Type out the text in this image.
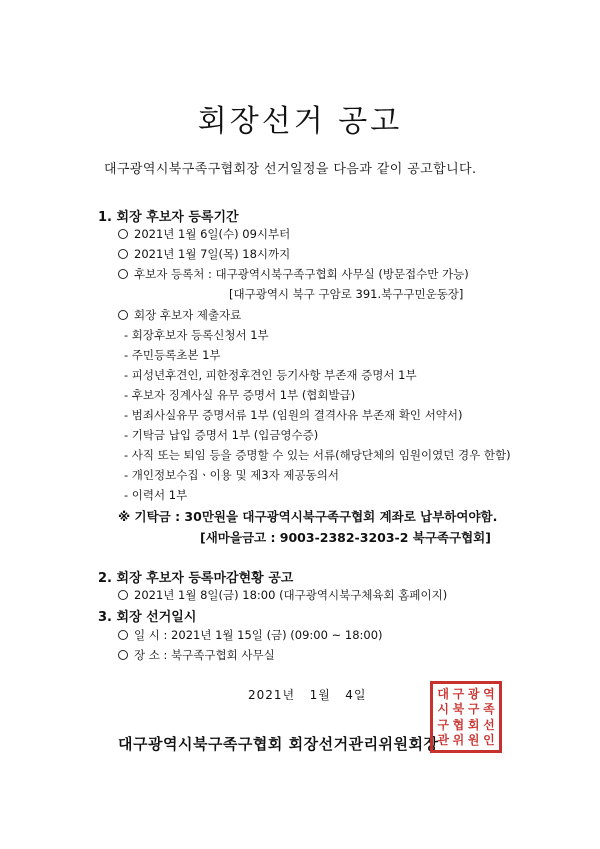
회장선거 공고
대구광역시북구족구협회장 선거일정을 다음과 같이 공고합니다.
1. 회장 후보자 등록기간
2021년 1월 6일(수) 09시부터
2021년 1월 7일(목) 18시까지
후보자 등록처 : 대구광역시북구족구협회 사무실 (방문접수만 가능)
[대구광역시 북구 구암로 391.북구구민운동장]
회장 후보자 제출자료
- 회장후보자 등록신청서 1부
- 주민등록초본 1부
- 피성년후견인, 피한정후견인 등기사항 부존재 증명서 1부
- 후보자 징계사실 유무 증명서 1부 (협회발급)
- 범죄사실유무 증명서류 1부 (임원의 결격사유 부존재 확인 서약서)
- 기탁금 납입 증명서 1부 (입금영수증)
- 사직 또는 퇴임 등을 증명할 수 있는 서류(해당단체의 임원이였던 경우 한함)
- 개인정보수집ㆍ이용 및 제3자 제공동의서
- 이력서 1부
※ 기탁금 : 30만원을 대구광역시북구족구협회 계좌로 납부하여야함.
[새마을금고 : 9003-2382-3203-2 북구족구협회]
2. 회장 후보자 등록마감현황 공고
2021년 1월 8일(금) 18:00 (대구광역시북구체육회 홈페이지)
3. 회장 선거일시
일 시 : 2021년 1월 15일 (금) (09:00 ~ 18:00)
장 소 : 북구족구협회 사무실
2021년   1월   4일
대구광역시북구족구협회 회장선거관리위원회장
대 구 광 역
시 북 구 족
구 협 회 선
관 위 원 인
